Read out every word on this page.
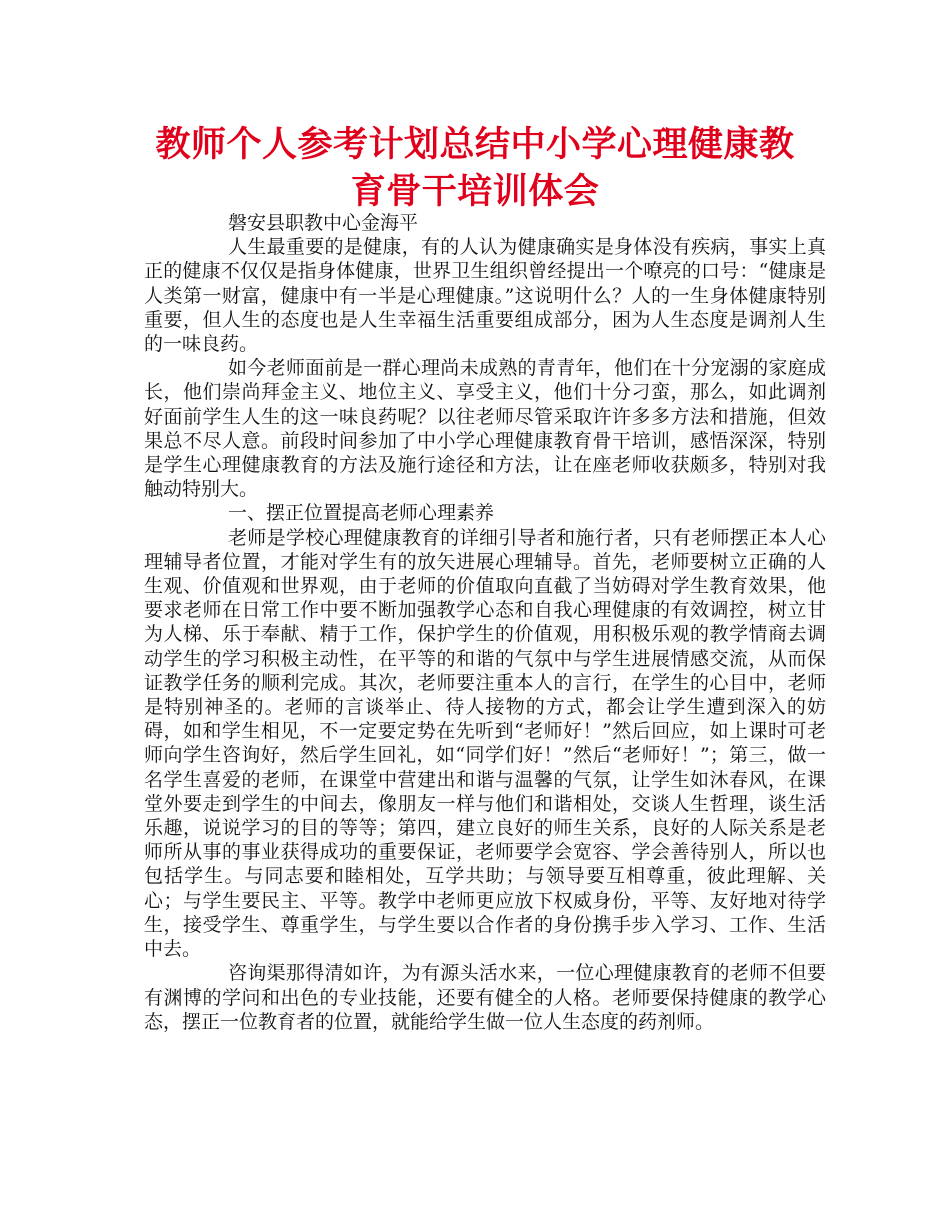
教师个人参考计划总结中小学心理健康教育骨干培训体会

磐安县职教中心金海平

人生最重要的是健康，有的人认为健康确实是身体没有疾病，事实上真正的健康不仅仅是指身体健康，世界卫生组织曾经提出一个嘹亮的口号：“健康是人类第一财富，健康中有一半是心理健康。”这说明什么？人的一生身体健康特别重要，但人生的态度也是人生幸福生活重要组成部分，困为人生态度是调剂人生的一味良药。

如今老师面前是一群心理尚未成熟的青青年，他们在十分宠溺的家庭成长，他们崇尚拜金主义、地位主义、享受主义，他们十分刁蛮，那么，如此调剂好面前学生人生的这一味良药呢？以往老师尽管采取许许多多方法和措施，但效果总不尽人意。前段时间参加了中小学心理健康教育骨干培训，感悟深深，特别是学生心理健康教育的方法及施行途径和方法，让在座老师收获颇多，特别对我触动特别大。

一、摆正位置提高老师心理素养

老师是学校心理健康教育的详细引导者和施行者，只有老师摆正本人心理辅导者位置，才能对学生有的放矢进展心理辅导。首先，老师要树立正确的人生观、价值观和世界观，由于老师的价值取向直截了当妨碍对学生教育效果，他要求老师在日常工作中要不断加强教学心态和自我心理健康的有效调控，树立甘为人梯、乐于奉献、精于工作，保护学生的价值观，用积极乐观的教学情商去调动学生的学习积极主动性，在平等的和谐的气氛中与学生进展情感交流，从而保证教学任务的顺利完成。其次，老师要注重本人的言行，在学生的心目中，老师是特别神圣的。老师的言谈举止、待人接物的方式，都会让学生遭到深入的妨碍，如和学生相见，不一定要定势在先听到“老师好！”然后回应，如上课时可老师向学生咨询好，然后学生回礼，如“同学们好！”然后“老师好！”；第三，做一名学生喜爱的老师，在课堂中营建出和谐与温馨的气氛，让学生如沐春风，在课堂外要走到学生的中间去，像朋友一样与他们和谐相处，交谈人生哲理，谈生活乐趣，说说学习的目的等等；第四，建立良好的师生关系，良好的人际关系是老师所从事的事业获得成功的重要保证，老师要学会宽容、学会善待别人，所以也包括学生。与同志要和睦相处，互学共助；与领导要互相尊重，彼此理解、关心；与学生要民主、平等。教学中老师更应放下权威身份，平等、友好地对待学生，接受学生、尊重学生，与学生要以合作者的身份携手步入学习、工作、生活中去。

咨询渠那得清如许，为有源头活水来，一位心理健康教育的老师不但要有渊博的学问和出色的专业技能，还要有健全的人格。老师要保持健康的教学心态，摆正一位教育者的位置，就能给学生做一位人生态度的药剂师。
